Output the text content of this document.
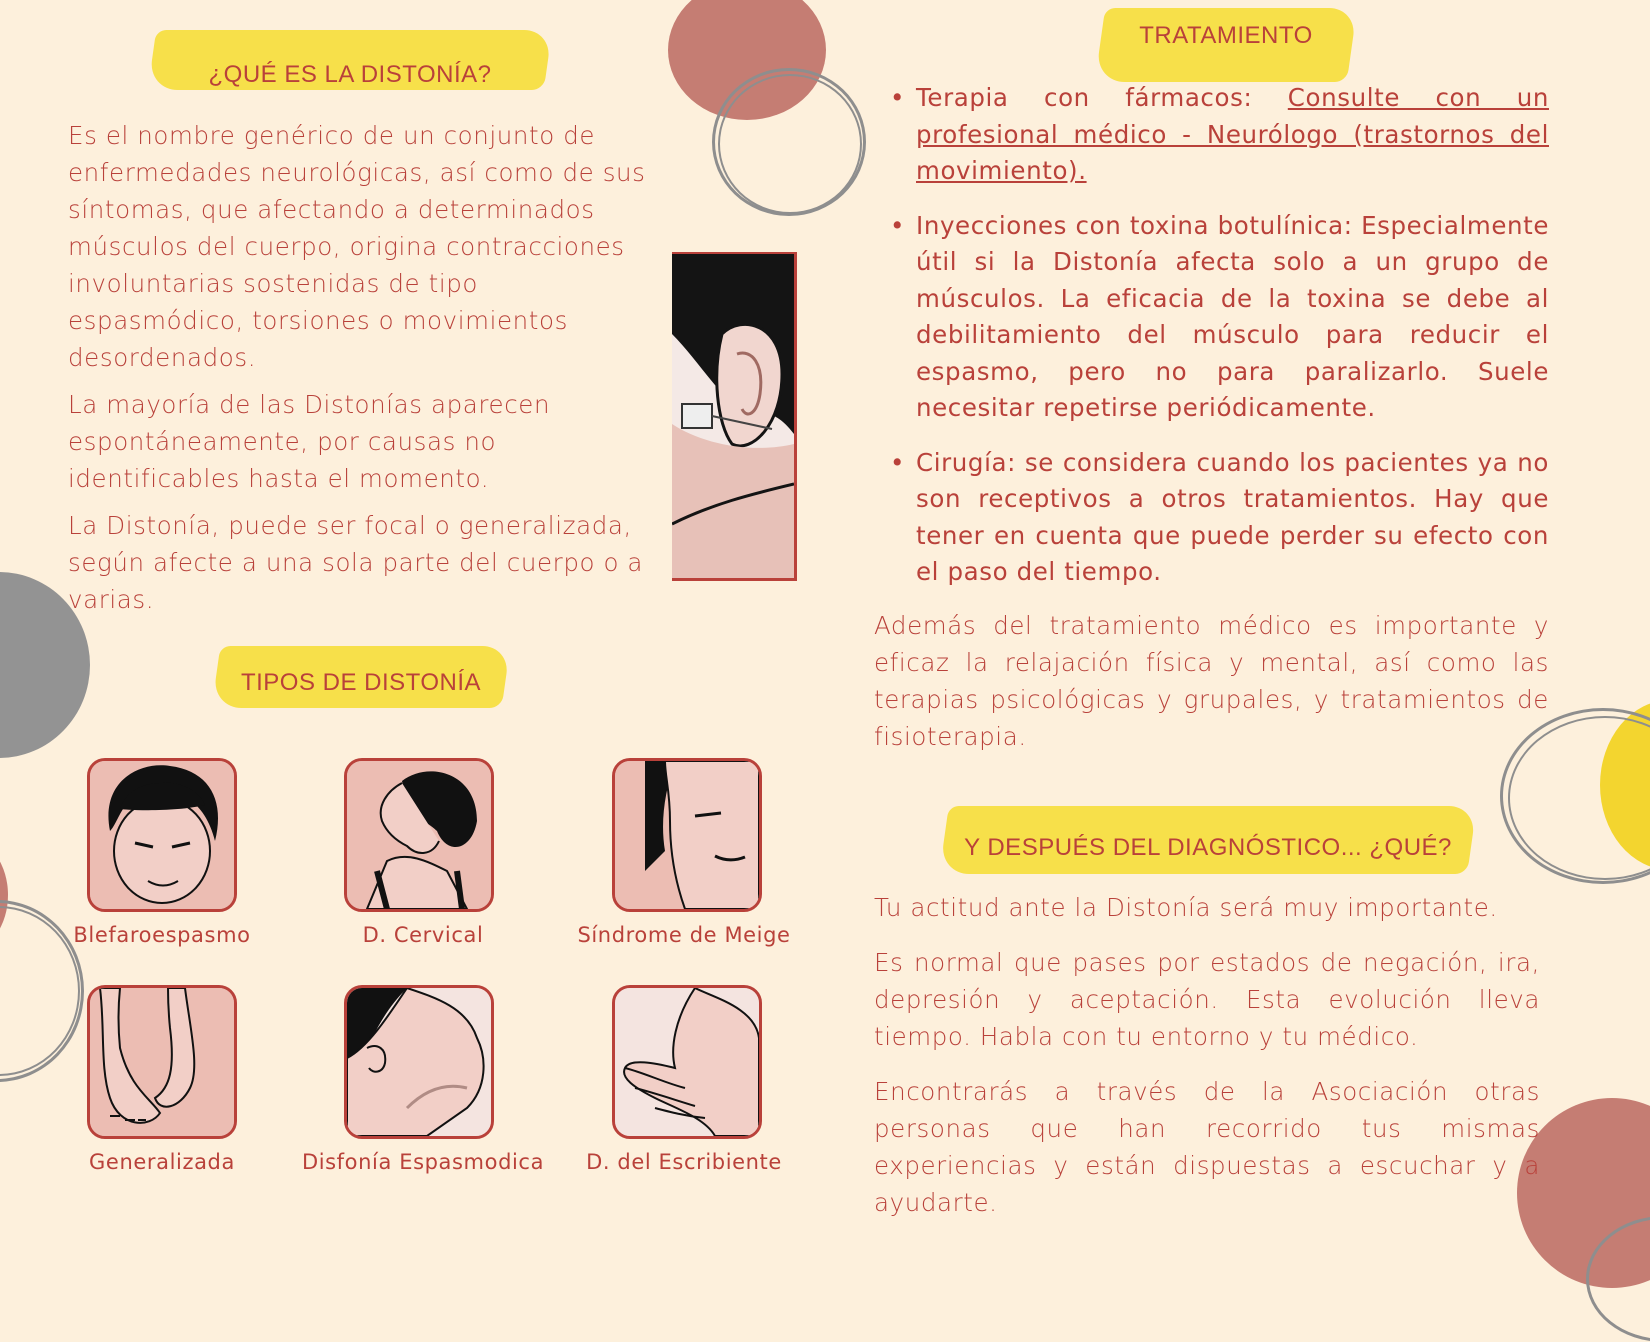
¿QUÉ ES LA DISTONÍA?

Es el nombre genérico de un conjunto de enfermedades neurológicas, así como de sus síntomas, que afectando a determinados músculos del cuerpo, origina contracciones involuntarias sostenidas de tipo espasmódico, torsiones o movimientos desordenados.

La mayoría de las Distonías aparecen espontáneamente, por causas no identificables hasta el momento.

La Distonía, puede ser focal o generalizada, según afecte a una sola parte del cuerpo o a varias.

TIPOS DE DISTONÍA
Blefaroespasmo	D. Cervical	Síndrome de Meige
Generalizada	Disfonía Espasmodica	D. del Escribiente
TRATAMIENTO
• Terapia con fármacos: Consulte con un profesional médico - Neurólogo (trastornos del movimiento).
• Inyecciones con toxina botulínica: Especialmente útil si la Distonía afecta solo a un grupo de músculos. La eficacia de la toxina se debe al debilitamiento del músculo para reducir el espasmo, pero no para paralizarlo. Suele necesitar repetirse periódicamente.
• Cirugía: se considera cuando los pacientes ya no son receptivos a otros tratamientos. Hay que tener en cuenta que puede perder su efecto con el paso del tiempo.

Además del tratamiento médico es importante y eficaz la relajación física y mental, así como las terapias psicológicas y grupales, y tratamientos de fisioterapia.

Y DESPUÉS DEL DIAGNÓSTICO... ¿QUÉ?

Tu actitud ante la Distonía será muy importante.

Es normal que pases por estados de negación, ira, depresión y aceptación. Esta evolución lleva tiempo. Habla con tu entorno y tu médico.

Encontrarás a través de la Asociación otras personas que han recorrido tus mismas experiencias y están dispuestas a escuchar y a ayudarte.
